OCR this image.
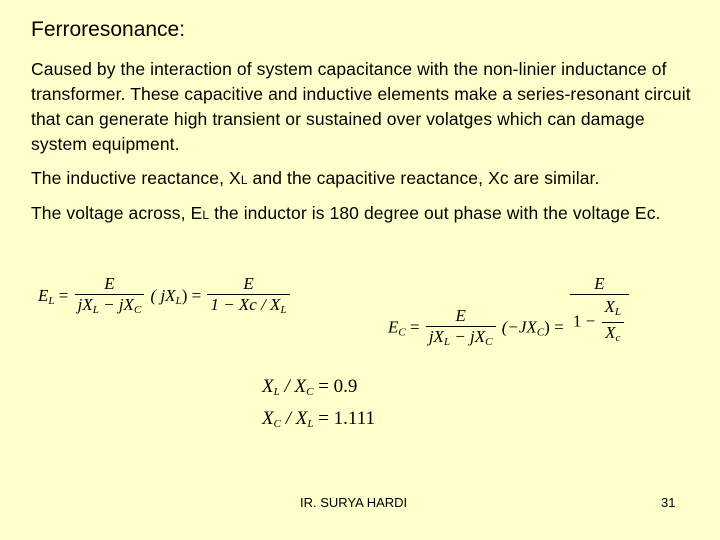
Ferroresonance:
Caused by the interaction of system capacitance with the non-linier inductance of transformer. These capacitive and inductive elements make a series-resonant circuit that can generate high transient or sustained over volatges which can damage system equipment.
The inductive reactance, XL and the capacitive reactance, Xc are similar.
The voltage across, EL the inductor is 180 degree out phase with the voltage Ec.
$E_L = \frac{E}{jX_L - jX_C}$ ( $jX_L) = \frac{E}{1 - Xc / X_L}$
$E_C = \frac{E}{jX_L - jX_C} (-JX_C) = \frac{E}{1 - \frac{X_L}{X_c}}$
$X_L / X_C = 0.9$
$X_C / X_L = 1.111$
IR. SURYA HARDI	31
